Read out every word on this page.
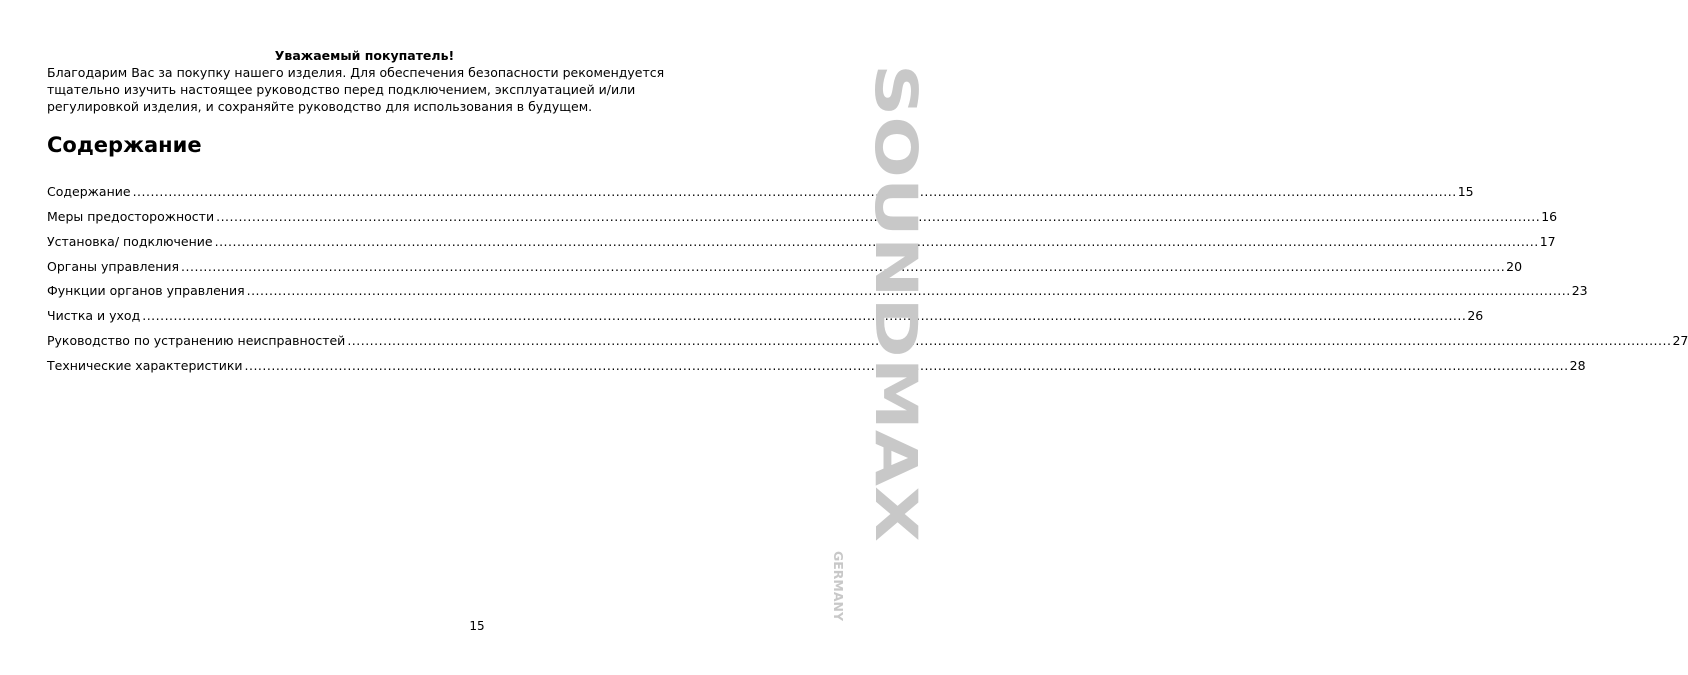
Уважаемый покупатель!
Благодарим Вас за покупку нашего изделия. Для обеспечения безопасности рекомендуется
тщательно изучить настоящее руководство перед подключением, эксплуатацией и/или
регулировкой изделия, и сохраняйте руководство для использования в будущем.
Содержание
Содержание .....	15
Меры предосторожности .....	16
Установка/ подключение .....	17
Органы управления .....	20
Функции органов управления .....	23
Чистка и уход .....	26
Руководство по устранению неисправностей .....	27
Технические характеристики .....	28
15
SOUNDMAX
GERMANY
